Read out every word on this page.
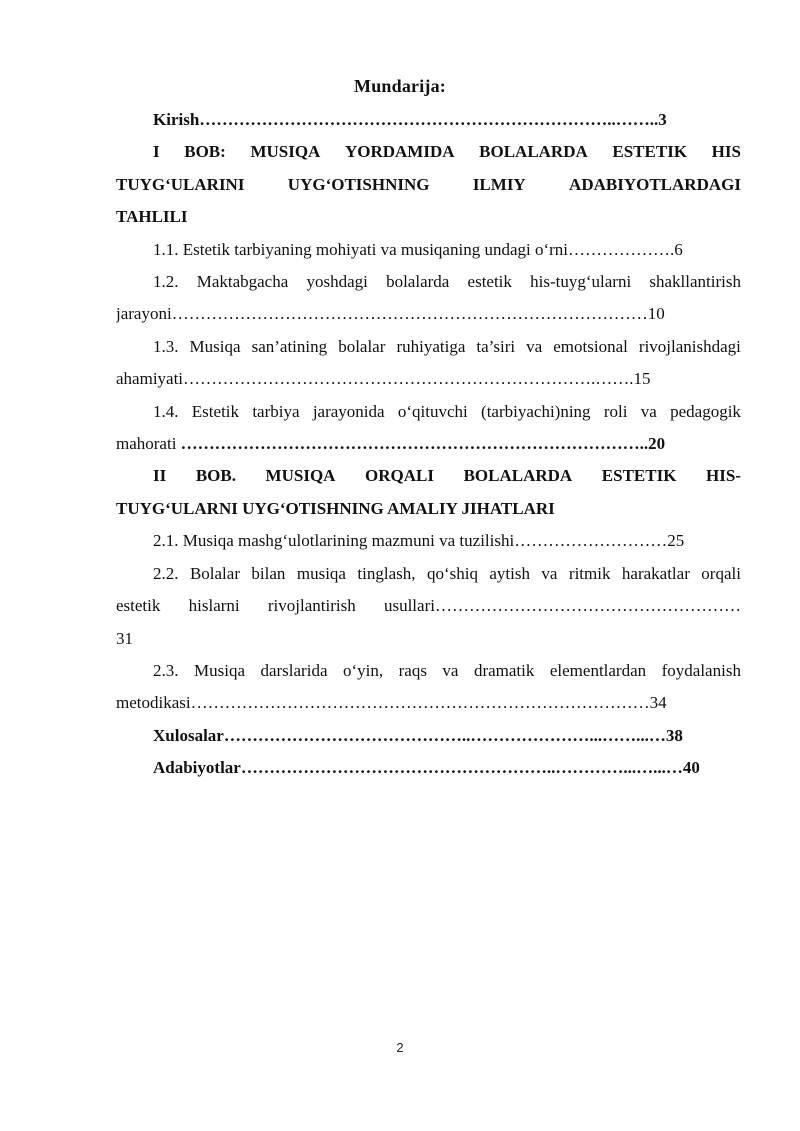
Mundarija:
Kirish………………………………………………………………..……..3
I BOB: MUSIQA YORDAMIDA BOLALARDA ESTETIK HIS
TUYG‘ULARINI	UYG‘OTISHNING	ILMIY	ADABIYOTLARDAGI
TAHLILI
1.1. Estetik tarbiyaning mohiyati va musiqaning undagi o‘rni……………….6
1.2. Maktabgacha yoshdagi bolalarda estetik his-tuyg‘ularni shakllantirish
jarayoni…………………………………………………………………………10
1.3. Musiqa san’atining bolalar ruhiyatiga ta’siri va emotsional rivojlanishdagi
ahamiyati……………………………………………………………….…….15
1.4. Estetik tarbiya jarayonida o‘qituvchi (tarbiyachi)ning roli va pedagogik
mahorati ………………………………………………………………………..20
II BOB. MUSIQA ORQALI BOLALARDA ESTETIK HIS-
TUYG‘ULARNI UYG‘OTISHNING AMALIY JIHATLARI
2.1. Musiqa mashg‘ulotlarining mazmuni va tuzilishi………………………25
2.2. Bolalar bilan musiqa tinglash, qo‘shiq aytish va ritmik harakatlar orqali
estetik hislarni rivojlantirish usullari………………………………………………
31
2.3. Musiqa darslarida o‘yin, raqs va dramatik elementlardan foydalanish
metodikasi………………………………………………………………………34
Xulosalar……………………………………..…………………...……...…38
Adabiyotlar………………………………………………..…………...…...…40
2
